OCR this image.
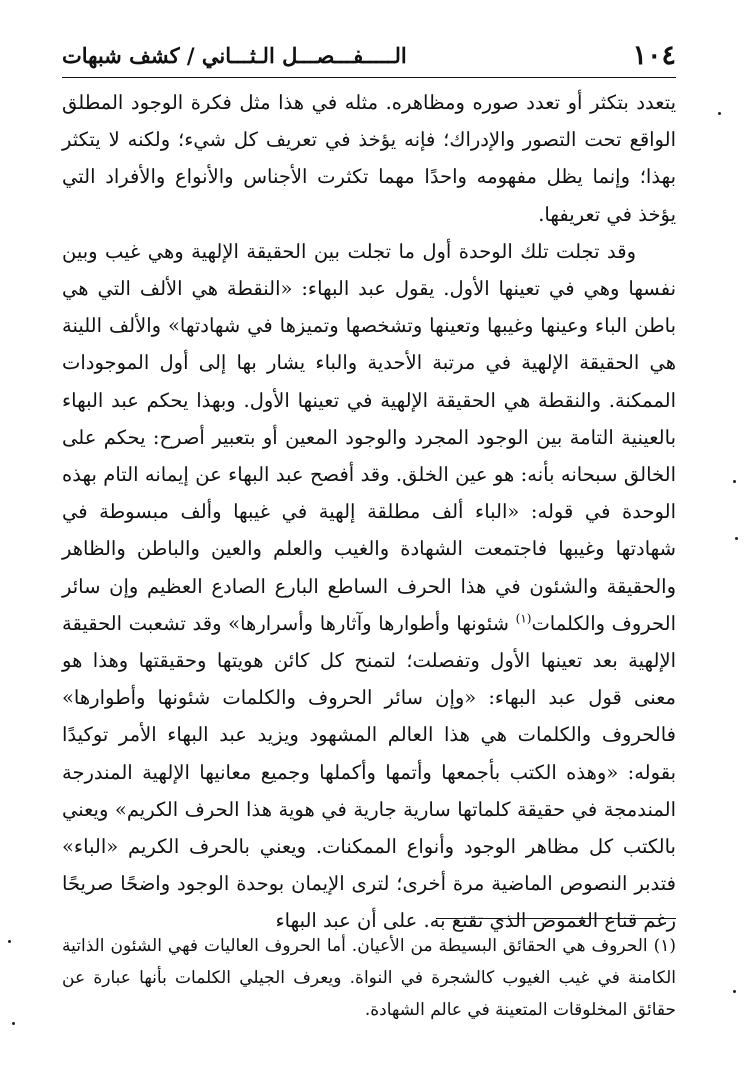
١٠٤
الـــــفـــصـــل الـثـــاني / كشف شبهات

يتعدد بتكثر أو تعدد صوره ومظاهره. مثله في هذا مثل فكرة الوجود المطلق الواقع تحت التصور والإدراك؛ فإنه يؤخذ في تعريف كل شيء؛ ولكنه لا يتكثر بهذا؛ وإنما يظل مفهومه واحدًا مهما تكثرت الأجناس والأنواع والأفراد التي يؤخذ في تعريفها.

وقد تجلت تلك الوحدة أول ما تجلت بين الحقيقة الإلهية وهي غيب وبين نفسها وهي في تعينها الأول. يقول عبد البهاء: «النقطة هي الألف التي هي باطن الباء وعينها وغيبها وتعينها وتشخصها وتميزها في شهادتها» والألف اللينة هي الحقيقة الإلهية في مرتبة الأحدية والباء يشار بها إلى أول الموجودات الممكنة. والنقطة هي الحقيقة الإلهية في تعينها الأول. وبهذا يحكم عبد البهاء بالعينية التامة بين الوجود المجرد والوجود المعين أو بتعبير أصرح: يحكم على الخالق سبحانه بأنه: هو عين الخلق. وقد أفصح عبد البهاء عن إيمانه التام بهذه الوحدة في قوله: «الباء ألف مطلقة إلهية في غيبها وألف مبسوطة في شهادتها وغيبها فاجتمعت الشهادة والغيب والعلم والعين والباطن والظاهر والحقيقة والشئون في هذا الحرف الساطع البارع الصادع العظيم وإن سائر الحروف والكلمات$^{(١)}$ شئونها وأطوارها وآثارها وأسرارها» وقد تشعبت الحقيقة الإلهية بعد تعينها الأول وتفصلت؛ لتمنح كل كائن هويتها وحقيقتها وهذا هو معنى قول عبد البهاء: «وإن سائر الحروف والكلمات شئونها وأطوارها» فالحروف والكلمات هي هذا العالم المشهود ويزيد عبد البهاء الأمر توكيدًا بقوله: «وهذه الكتب بأجمعها وأتمها وأكملها وجميع معانيها الإلهية المندرجة المندمجة في حقيقة كلماتها سارية جارية في هوية هذا الحرف الكريم» ويعني بالكتب كل مظاهر الوجود وأنواع الممكنات. ويعني بالحرف الكريم «الباء» فتدبر النصوص الماضية مرة أخرى؛ لترى الإيمان بوحدة الوجود واضحًا صريحًا رغم قناع الغموض الذي تقنع به. على أن عبد البهاء

(١) الحروف هي الحقائق البسيطة من الأعيان. أما الحروف العاليات فهي الشئون الذاتية الكامنة في غيب الغيوب كالشجرة في النواة. ويعرف الجيلي الكلمات بأنها عبارة عن حقائق المخلوقات المتعينة في عالم الشهادة.
